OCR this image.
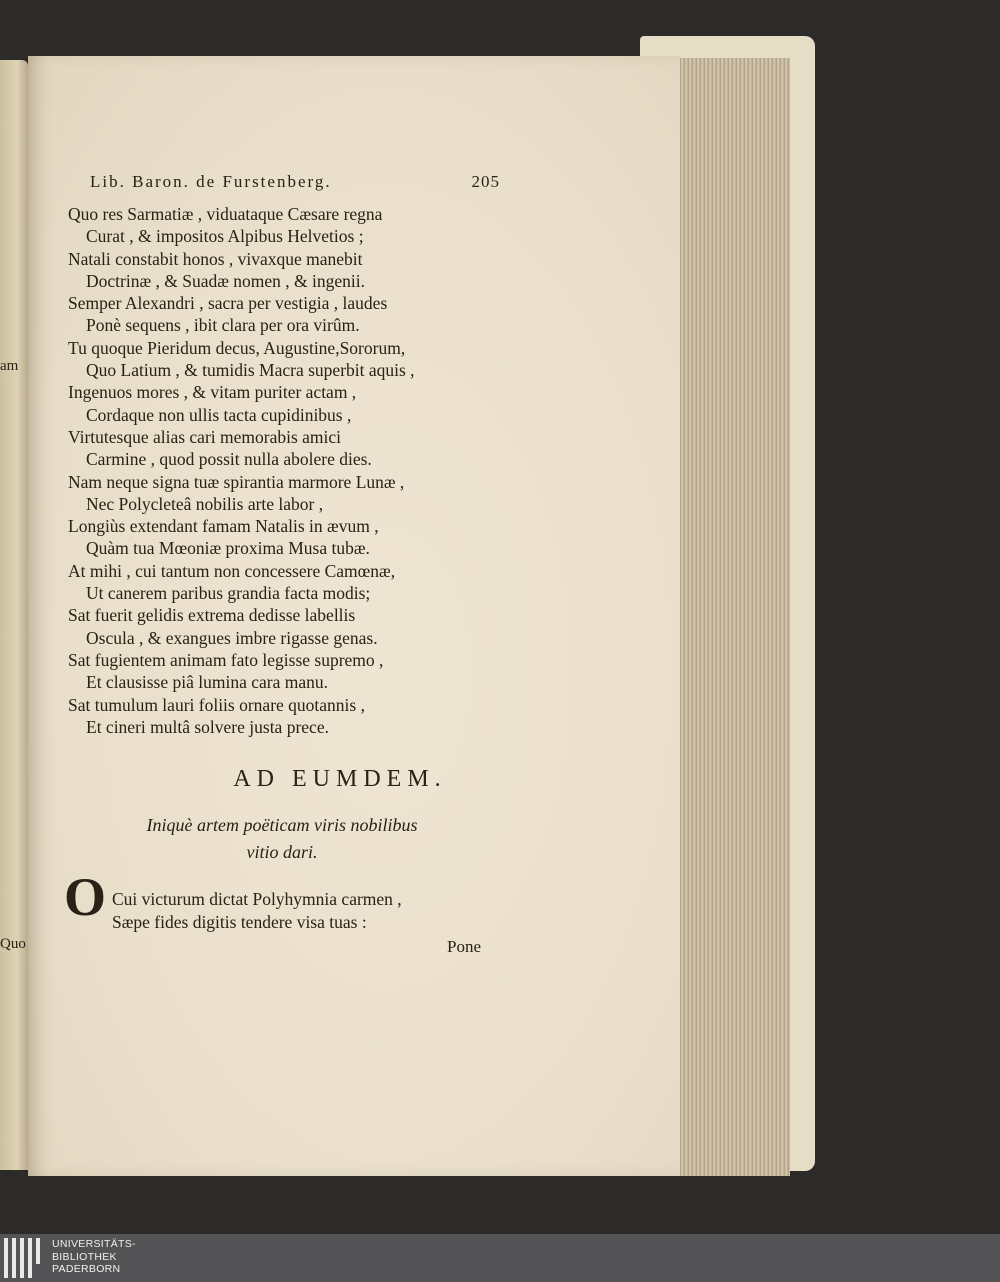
am
Quo
Lib. Baron. de Furstenberg.	205
Quo res Sarmatiæ , viduataque Cæsare regna
Curat , & impositos Alpibus Helvetios ;
Natali constabit honos , vivaxque manebit
Doctrinæ , & Suadæ nomen , & ingenii.
Semper Alexandri , sacra per vestigia , laudes
Ponè sequens , ibit clara per ora virûm.
Tu quoque Pieridum decus, Augustine,Sororum,
Quo Latium , & tumidis Macra superbit aquis ,
Ingenuos mores , & vitam puriter actam ,
Cordaque non ullis tacta cupidinibus ,
Virtutesque alias cari memorabis amici
Carmine , quod possit nulla abolere dies.
Nam neque signa tuæ spirantia marmore Lunæ ,
Nec Polycleteâ nobilis arte labor ,
Longiùs extendant famam Natalis in ævum ,
Quàm tua Mœoniæ proxima Musa tubæ.
At mihi , cui tantum non concessere Camœnæ,
Ut canerem paribus grandia facta modis;
Sat fuerit gelidis extrema dedisse labellis
Oscula , & exangues imbre rigasse genas.
Sat fugientem animam fato legisse supremo ,
Et clausisse piâ lumina cara manu.
Sat tumulum lauri foliis ornare quotannis ,
Et cineri multâ solvere justa prece.
AD EUMDEM.
Iniquè artem poëticam viris nobilibus
vitio dari.
O Cui victurum dictat Polyhymnia carmen ,
Sæpe fides digitis tendere visa tuas :
Pone
UNIVERSITÄTS-
BIBLIOTHEK
PADERBORN
